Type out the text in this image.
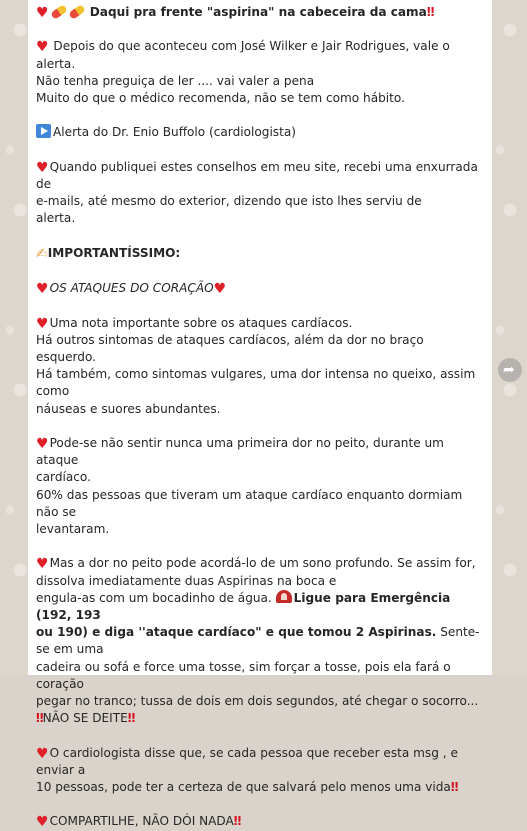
♥	Daqui pra frente "aspirina" na cabeceira da cama‼

♥ Depois do que aconteceu com José Wilker e Jair Rodrigues, vale o alerta.
Não tenha preguiça de ler .... vai valer a pena
Muito do que o médico recomenda, não se tem como hábito.

Alerta do Dr. Enio Buffolo (cardiologista)

♥Quando publiquei estes conselhos em meu site, recebi uma enxurrada de
e-mails, até mesmo do exterior, dizendo que isto lhes serviu de
alerta.

✍IMPORTANTÍSSIMO:

♥OS ATAQUES DO CORAÇÃO♥

♥Uma nota importante sobre os ataques cardíacos.
Há outros sintomas de ataques cardíacos, além da dor no braço esquerdo.
Há também, como sintomas vulgares, uma dor intensa no queixo, assim como
náuseas e suores abundantes.

♥Pode-se não sentir nunca uma primeira dor no peito, durante um ataque
cardíaco.
60% das pessoas que tiveram um ataque cardíaco enquanto dormiam não se
levantaram.

♥Mas a dor no peito pode acordá-lo de um sono profundo. Se assim for,
dissolva imediatamente duas Aspirinas na boca e
engula-as com um bocadinho de água. Ligue para Emergência (192, 193
ou 190) e diga ''ataque cardíaco" e que tomou 2 Aspirinas. Sente-se em uma
cadeira ou sofá e force uma tosse, sim forçar a tosse, pois ela fará o coração
pegar no tranco; tussa de dois em dois segundos, até chegar o socorro...
‼NÃO SE DEITE‼

♥O cardiologista disse que, se cada pessoa que receber esta msg , e enviar a
10 pessoas, pode ter a certeza de que salvará pelo menos uma vida‼

♥COMPARTILHE, NÃO DÓI NADA‼

➦
